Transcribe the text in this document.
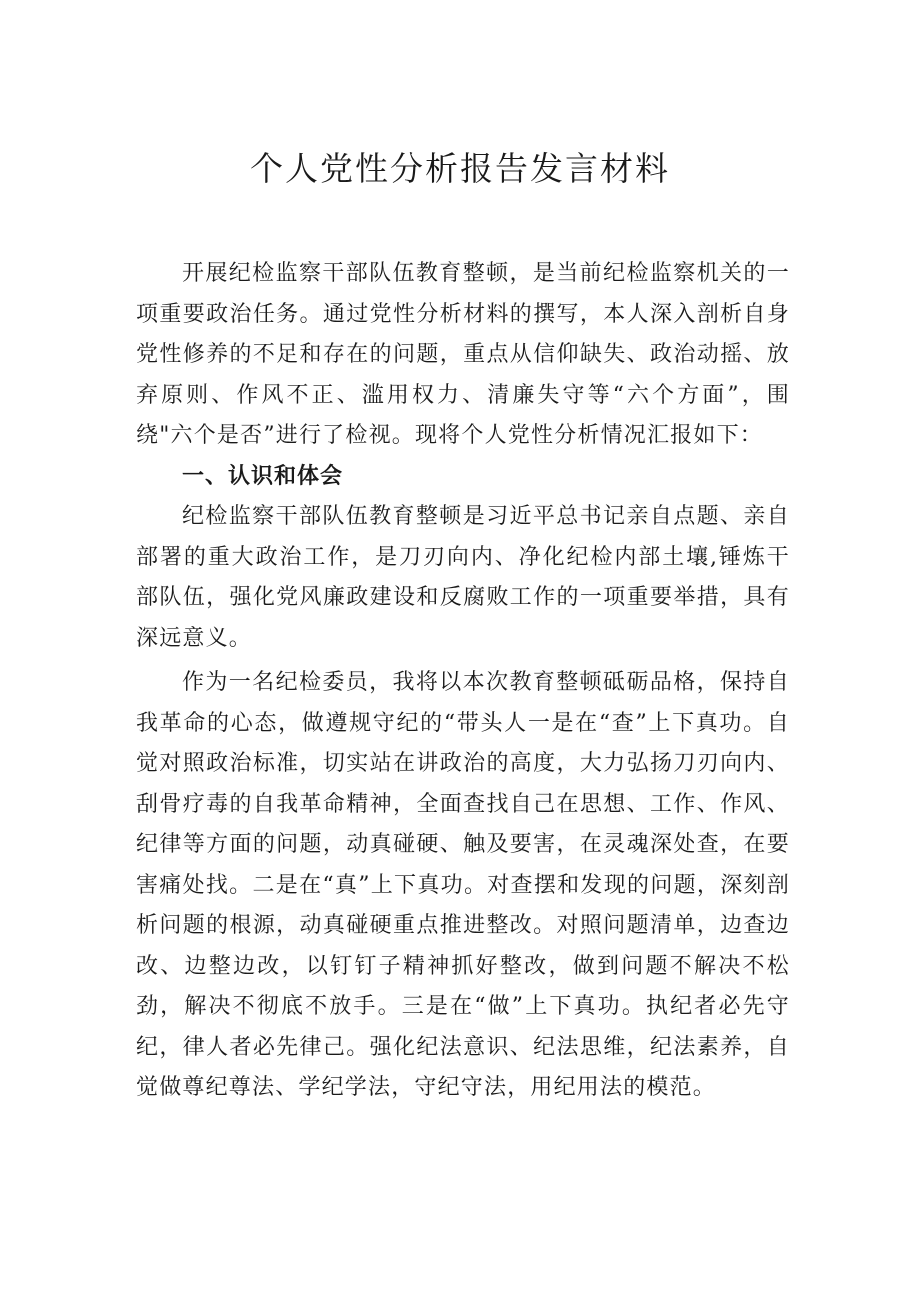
个人党性分析报告发言材料

开展纪检监察干部队伍教育整顿，是当前纪检监察机关的一项重要政治任务。通过党性分析材料的撰写，本人深入剖析自身党性修养的不足和存在的问题，重点从信仰缺失、政治动摇、放弃原则、作风不正、滥用权力、清廉失守等“六个方面”，围绕"六个是否”进行了检视。现将个人党性分析情况汇报如下：

一、认识和体会

纪检监察干部队伍教育整顿是习近平总书记亲自点题、亲自部署的重大政治工作，是刀刃向内、净化纪检内部土壤,锤炼干部队伍，强化党风廉政建设和反腐败工作的一项重要举措，具有深远意义。

作为一名纪检委员，我将以本次教育整顿砥砺品格，保持自我革命的心态，做遵规守纪的“带头人一是在“查”上下真功。自觉对照政治标准，切实站在讲政治的高度，大力弘扬刀刃向内、刮骨疗毒的自我革命精神，全面查找自己在思想、工作、作风、纪律等方面的问题，动真碰硬、触及要害，在灵魂深处查，在要害痛处找。二是在“真”上下真功。对查摆和发现的问题，深刻剖析问题的根源，动真碰硬重点推进整改。对照问题清单，边查边改、边整边改，以钉钉子精神抓好整改，做到问题不解决不松劲，解决不彻底不放手。三是在“做”上下真功。执纪者必先守纪，律人者必先律己。强化纪法意识、纪法思维，纪法素养，自觉做尊纪尊法、学纪学法，守纪守法，用纪用法的模范。
